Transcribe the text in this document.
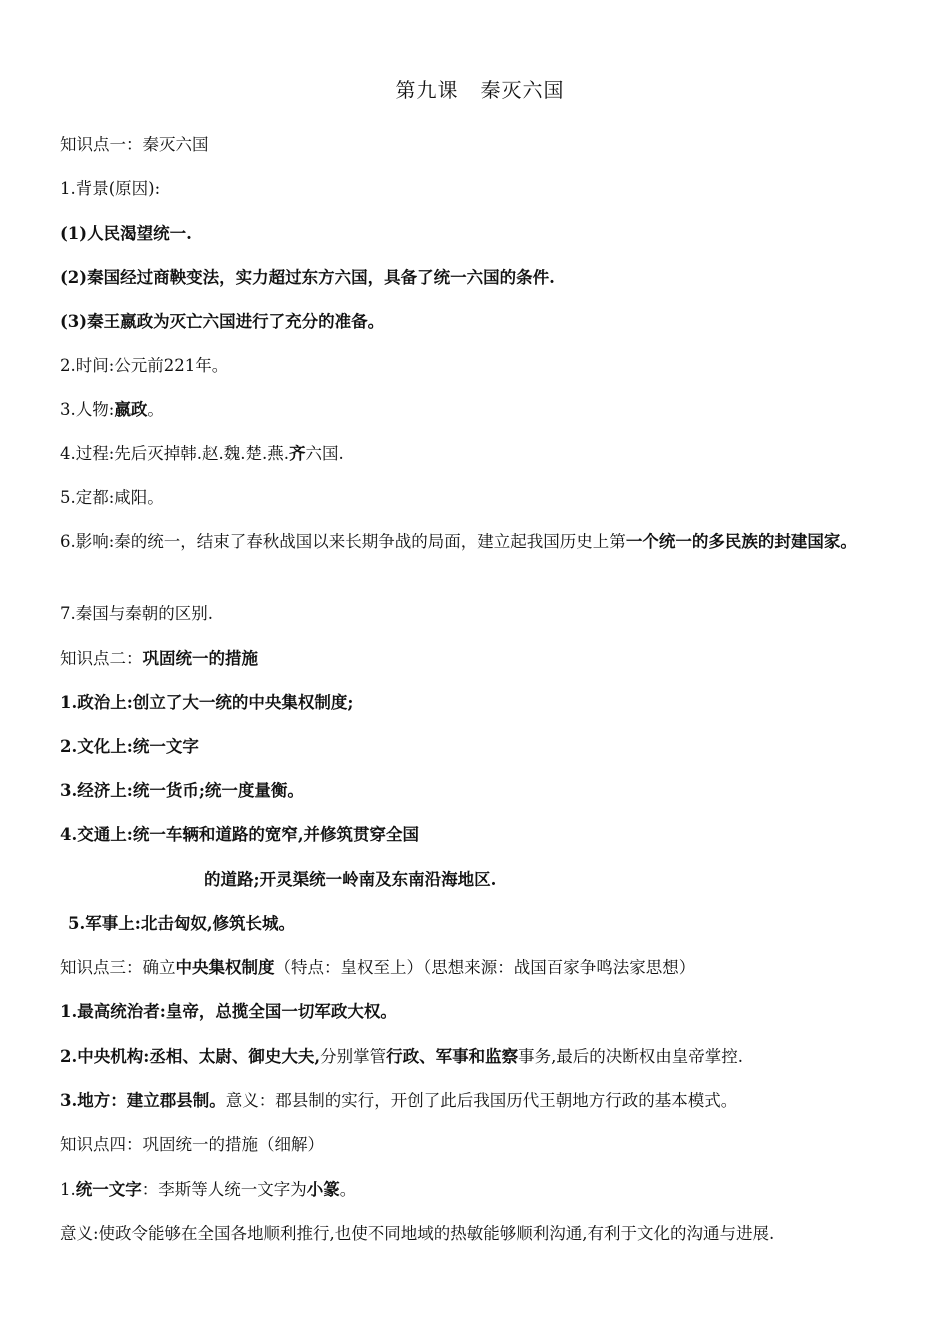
第九课 秦灭六国
知识点一：秦灭六国
1.背景(原因):
(1)人民渴望统一.
(2)秦国经过商鞅变法，实力超过东方六国，具备了统一六国的条件.
(3)秦王嬴政为灭亡六国进行了充分的准备。
2.时间:公元前221年。
3.人物:嬴政。
4.过程:先后灭掉韩.赵.魏.楚.燕.齐六国.
5.定都:咸阳。
6.影响:秦的统一，结束了春秋战国以来长期争战的局面，建立起我国历史上第一个统一的多民族的封建国家。
7.秦国与秦朝的区别.
知识点二：巩固统一的措施
1.政治上:创立了大一统的中央集权制度;
2.文化上:统一文字
3.经济上:统一货币;统一度量衡。
4.交通上:统一车辆和道路的宽窄,并修筑贯穿全国
的道路;开灵渠统一岭南及东南沿海地区.
5.军事上:北击匈奴,修筑长城。
知识点三：确立中央集权制度（特点：皇权至上）（思想来源：战国百家争鸣法家思想）
1.最高统治者:皇帝，总揽全国一切军政大权。
2.中央机构:丞相、太尉、御史大夫,分别掌管行政、军事和监察事务,最后的决断权由皇帝掌控.
3.地方：建立郡县制。意义：郡县制的实行，开创了此后我国历代王朝地方行政的基本模式。
知识点四：巩固统一的措施（细解）
1.统一文字：李斯等人统一文字为小篆。
意义:使政令能够在全国各地顺利推行,也使不同地域的热敏能够顺利沟通,有利于文化的沟通与进展.
